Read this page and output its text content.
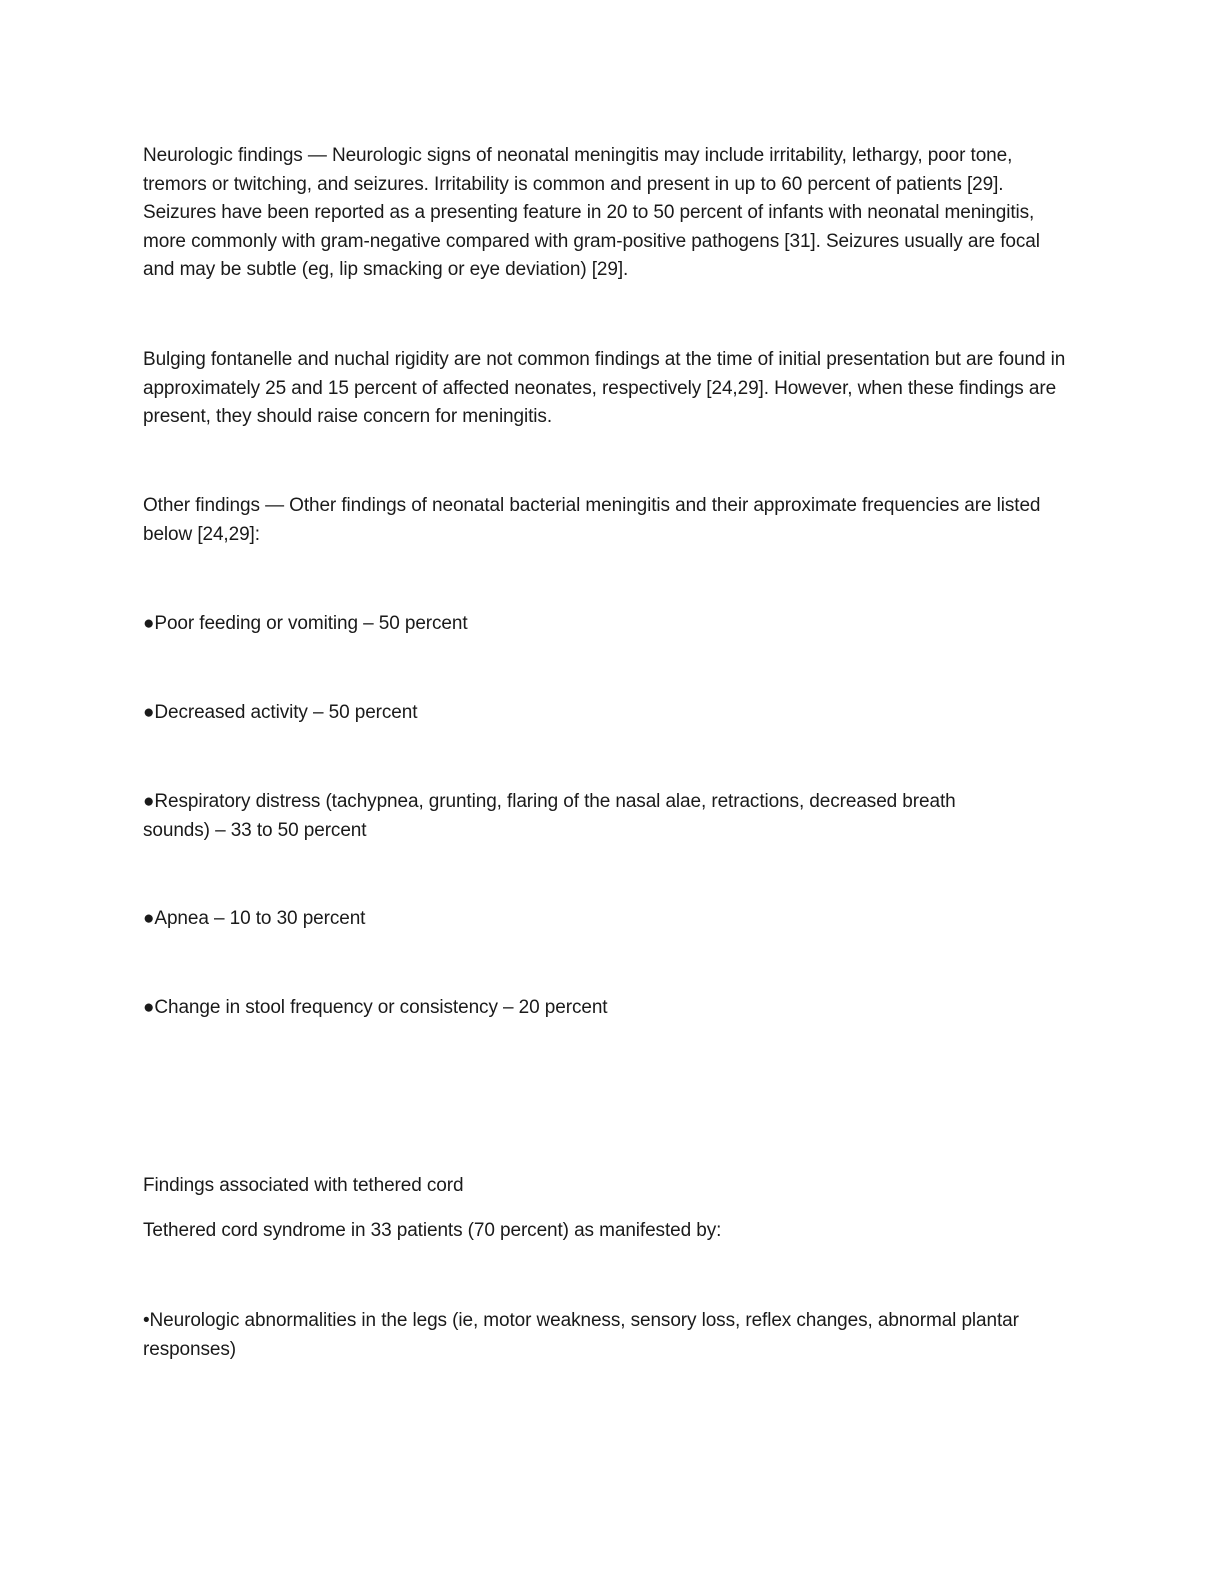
Neurologic findings — Neurologic signs of neonatal meningitis may include irritability, lethargy, poor tone, tremors or twitching, and seizures. Irritability is common and present in up to 60 percent of patients [29]. Seizures have been reported as a presenting feature in 20 to 50 percent of infants with neonatal meningitis, more commonly with gram-negative compared with gram-positive pathogens [31]. Seizures usually are focal and may be subtle (eg, lip smacking or eye deviation) [29].

Bulging fontanelle and nuchal rigidity are not common findings at the time of initial presentation but are found in approximately 25 and 15 percent of affected neonates, respectively [24,29]. However, when these findings are present, they should raise concern for meningitis.

Other findings — Other findings of neonatal bacterial meningitis and their approximate frequencies are listed below [24,29]:

●Poor feeding or vomiting – 50 percent

●Decreased activity – 50 percent

●Respiratory distress (tachypnea, grunting, flaring of the nasal alae, retractions, decreased breath sounds) – 33 to 50 percent

●Apnea – 10 to 30 percent

●Change in stool frequency or consistency – 20 percent

Findings associated with tethered cord

Tethered cord syndrome in 33 patients (70 percent) as manifested by:

•Neurologic abnormalities in the legs (ie, motor weakness, sensory loss, reflex changes, abnormal plantar responses)
